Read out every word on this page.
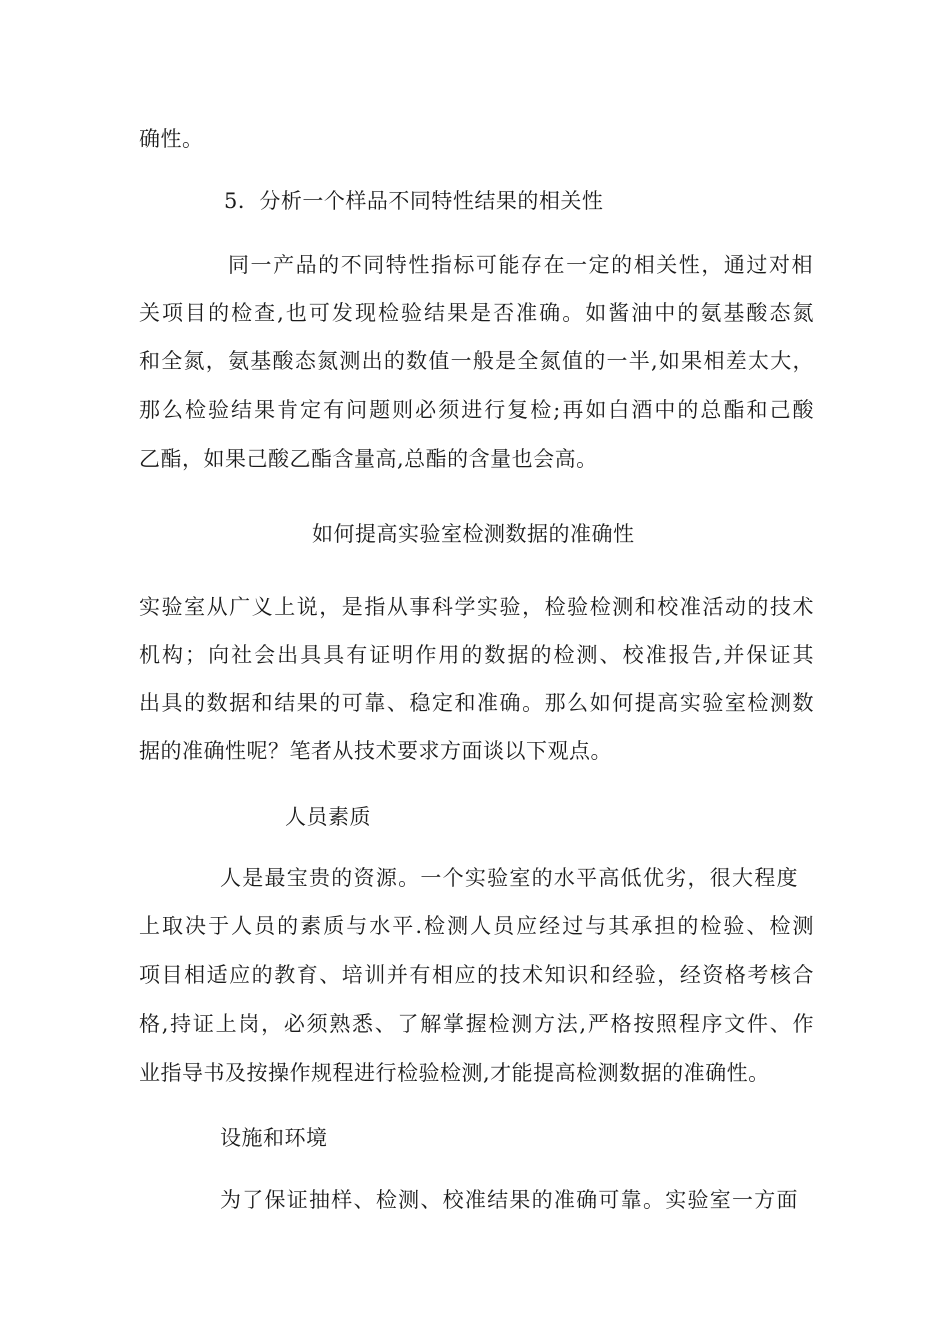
确性。
5．分析一个样品不同特性结果的相关性
同一产品的不同特性指标可能存在一定的相关性，通过对相
关项目的检查,也可发现检验结果是否准确。如酱油中的氨基酸态氮
和全氮，氨基酸态氮测出的数值一般是全氮值的一半,如果相差太大，
那么检验结果肯定有问题则必须进行复检;再如白酒中的总酯和己酸
乙酯，如果己酸乙酯含量高,总酯的含量也会高。
如何提高实验室检测数据的准确性
实验室从广义上说，是指从事科学实验，检验检测和校准活动的技术
机构；向社会出具具有证明作用的数据的检测、校准报告,并保证其
出具的数据和结果的可靠、稳定和准确。那么如何提高实验室检测数
据的准确性呢？笔者从技术要求方面谈以下观点。
人员素质
人是最宝贵的资源。一个实验室的水平高低优劣，很大程度
上取决于人员的素质与水平.检测人员应经过与其承担的检验、检测
项目相适应的教育、培训并有相应的技术知识和经验，经资格考核合
格,持证上岗，必须熟悉、了解掌握检测方法,严格按照程序文件、作
业指导书及按操作规程进行检验检测,才能提高检测数据的准确性。
设施和环境
为了保证抽样、检测、校准结果的准确可靠。实验室一方面
